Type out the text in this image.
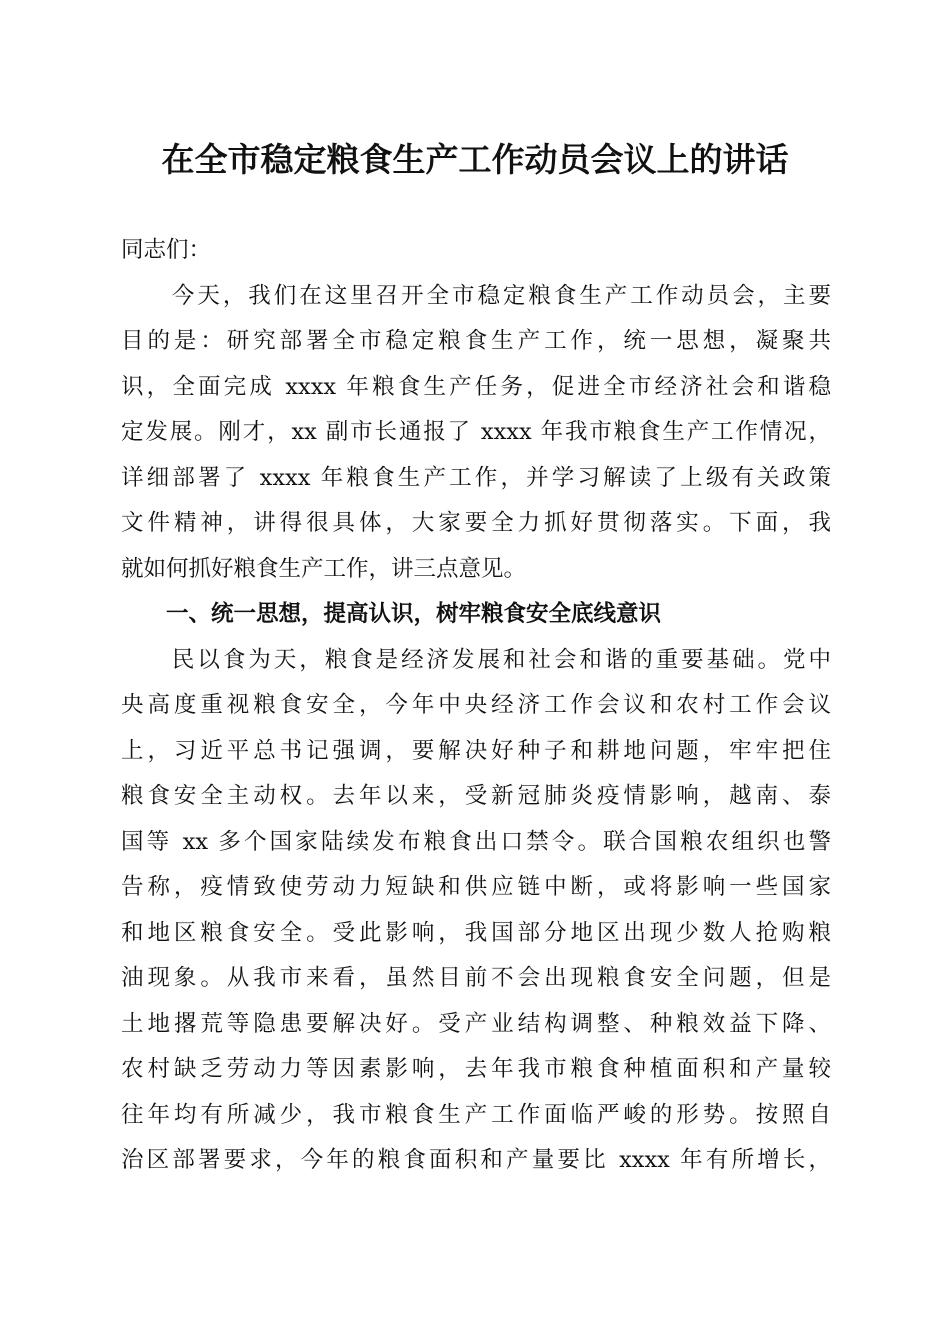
在全市稳定粮食生产工作动员会议上的讲话
同志们：
　　今天，我们在这里召开全市稳定粮食生产工作动员会，主要
目的是：研究部署全市稳定粮食生产工作，统一思想，凝聚共
识，全面完成 xxxx 年粮食生产任务，促进全市经济社会和谐稳
定发展。刚才，xx 副市长通报了 xxxx 年我市粮食生产工作情况，
详细部署了 xxxx 年粮食生产工作，并学习解读了上级有关政策
文件精神，讲得很具体，大家要全力抓好贯彻落实。下面，我
就如何抓好粮食生产工作，讲三点意见。
一、统一思想，提高认识，树牢粮食安全底线意识
　　民以食为天，粮食是经济发展和社会和谐的重要基础。党中
央高度重视粮食安全，今年中央经济工作会议和农村工作会议
上，习近平总书记强调，要解决好种子和耕地问题，牢牢把住
粮食安全主动权。去年以来，受新冠肺炎疫情影响，越南、泰
国等 xx 多个国家陆续发布粮食出口禁令。联合国粮农组织也警
告称，疫情致使劳动力短缺和供应链中断，或将影响一些国家
和地区粮食安全。受此影响，我国部分地区出现少数人抢购粮
油现象。从我市来看，虽然目前不会出现粮食安全问题，但是
土地撂荒等隐患要解决好。受产业结构调整、种粮效益下降、
农村缺乏劳动力等因素影响，去年我市粮食种植面积和产量较
往年均有所减少，我市粮食生产工作面临严峻的形势。按照自
治区部署要求，今年的粮食面积和产量要比 xxxx 年有所增长，
